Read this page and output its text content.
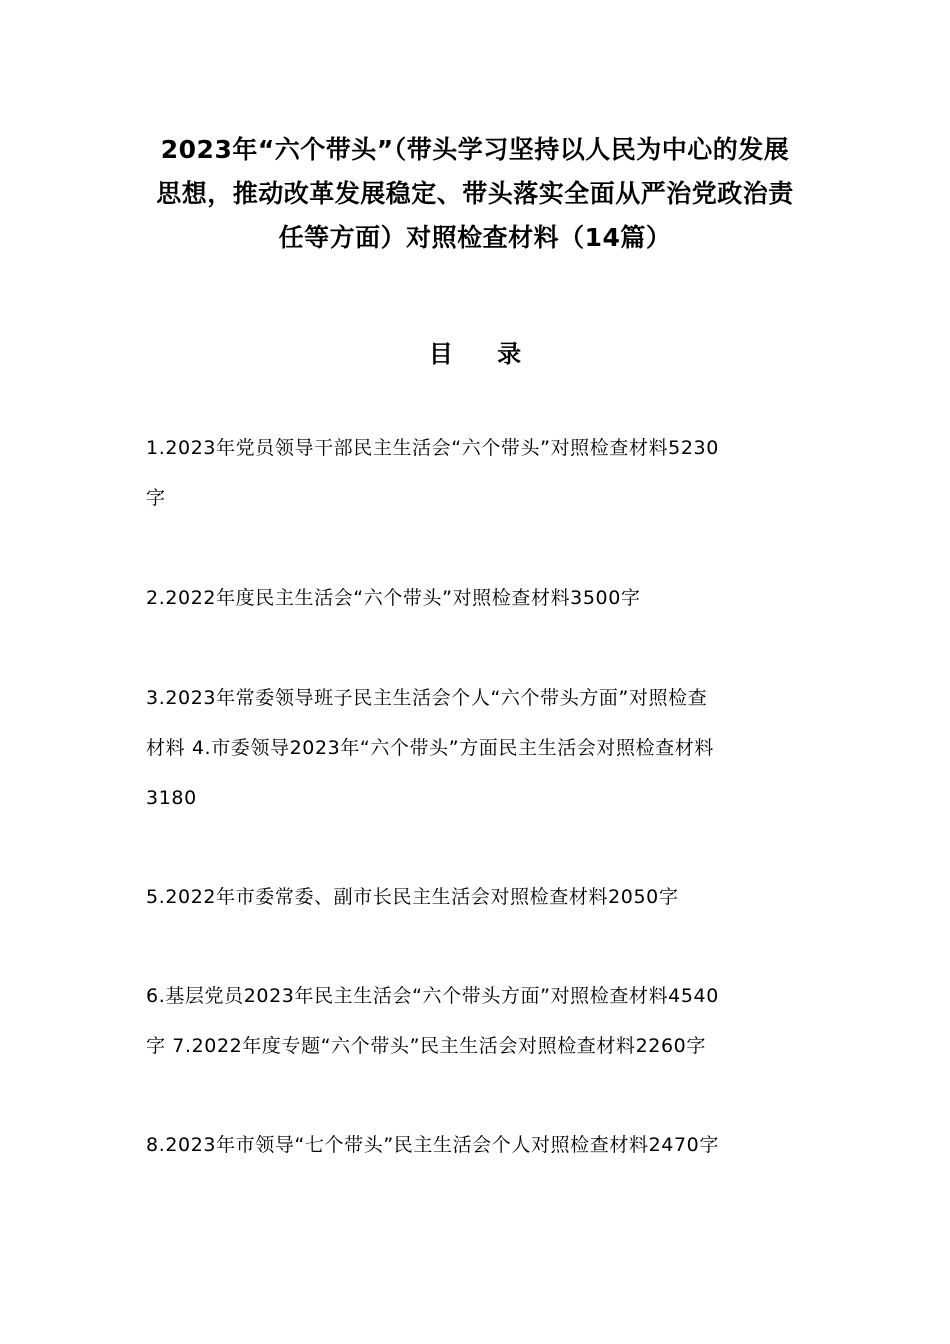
2023年“六个带头”（带头学习坚持以人民为中心的发展
思想，推动改革发展稳定、带头落实全面从严治党政治责
任等方面）对照检查材料（14篇）
目 录
1.2023年党员领导干部民主生活会“六个带头”对照检查材料5230
字
2.2022年度民主生活会“六个带头”对照检查材料3500字
3.2023年常委领导班子民主生活会个人“六个带头方面”对照检查
材料 4.市委领导2023年“六个带头”方面民主生活会对照检查材料
3180
5.2022年市委常委、副市长民主生活会对照检查材料2050字
6.基层党员2023年民主生活会“六个带头方面”对照检查材料4540
字 7.2022年度专题“六个带头”民主生活会对照检查材料2260字
8.2023年市领导“七个带头”民主生活会个人对照检查材料2470字
